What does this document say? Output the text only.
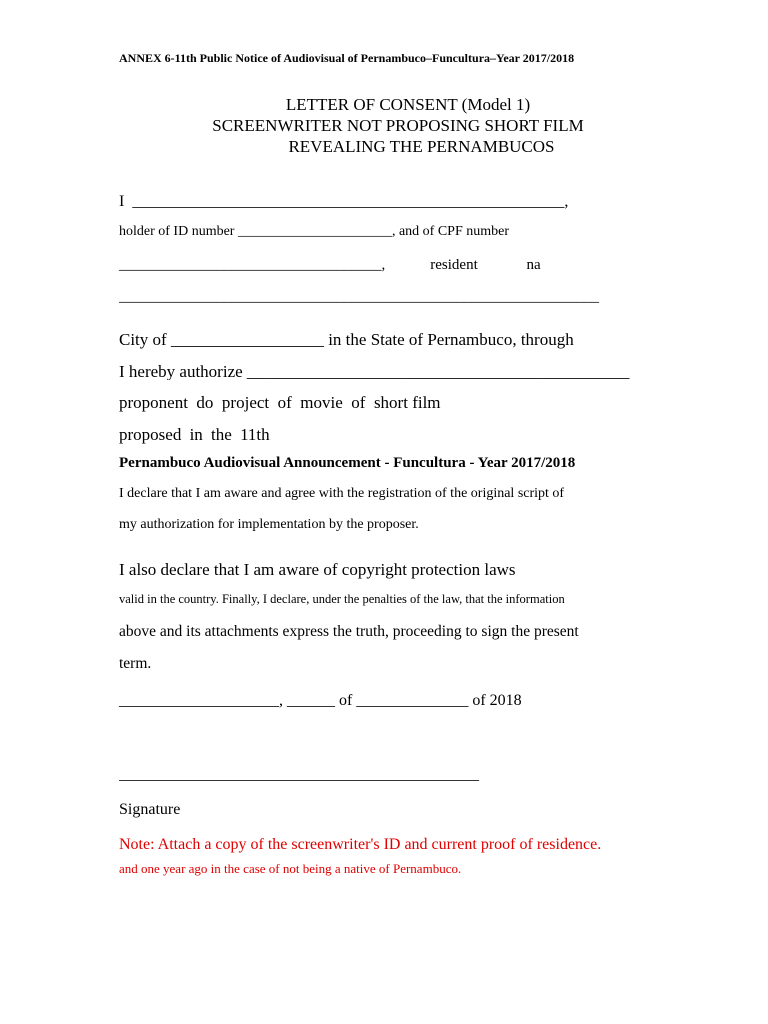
ANNEX 6-11th Public Notice of Audiovisual of Pernambuco–Funcultura–Year 2017/2018
LETTER OF CONSENT (Model 1)
SCREENWRITER NOT PROPOSING SHORT FILM
REVEALING THE PERNAMBUCOS
I  ______________________________________________________,
holder of ID number ______________________, and of CPF number
___________________________________,            resident             na
________________________________________________________________
City of __________________ in the State of Pernambuco, through
I hereby authorize _____________________________________________
proponent  do  project  of  movie  of  short film
proposed in the 11th
Pernambuco Audiovisual Announcement - Funcultura - Year 2017/2018
I declare that I am aware and agree with the registration of the original script of
my authorization for implementation by the proposer.
I also declare that I am aware of copyright protection laws
valid in the country. Finally, I declare, under the penalties of the law, that the information
above and its attachments express the truth, proceeding to sign the present
term.
____________________, ______ of ______________ of 2018
_____________________________________________
Signature
Note: Attach a copy of the screenwriter's ID and current proof of residence.
and one year ago in the case of not being a native of Pernambuco.
